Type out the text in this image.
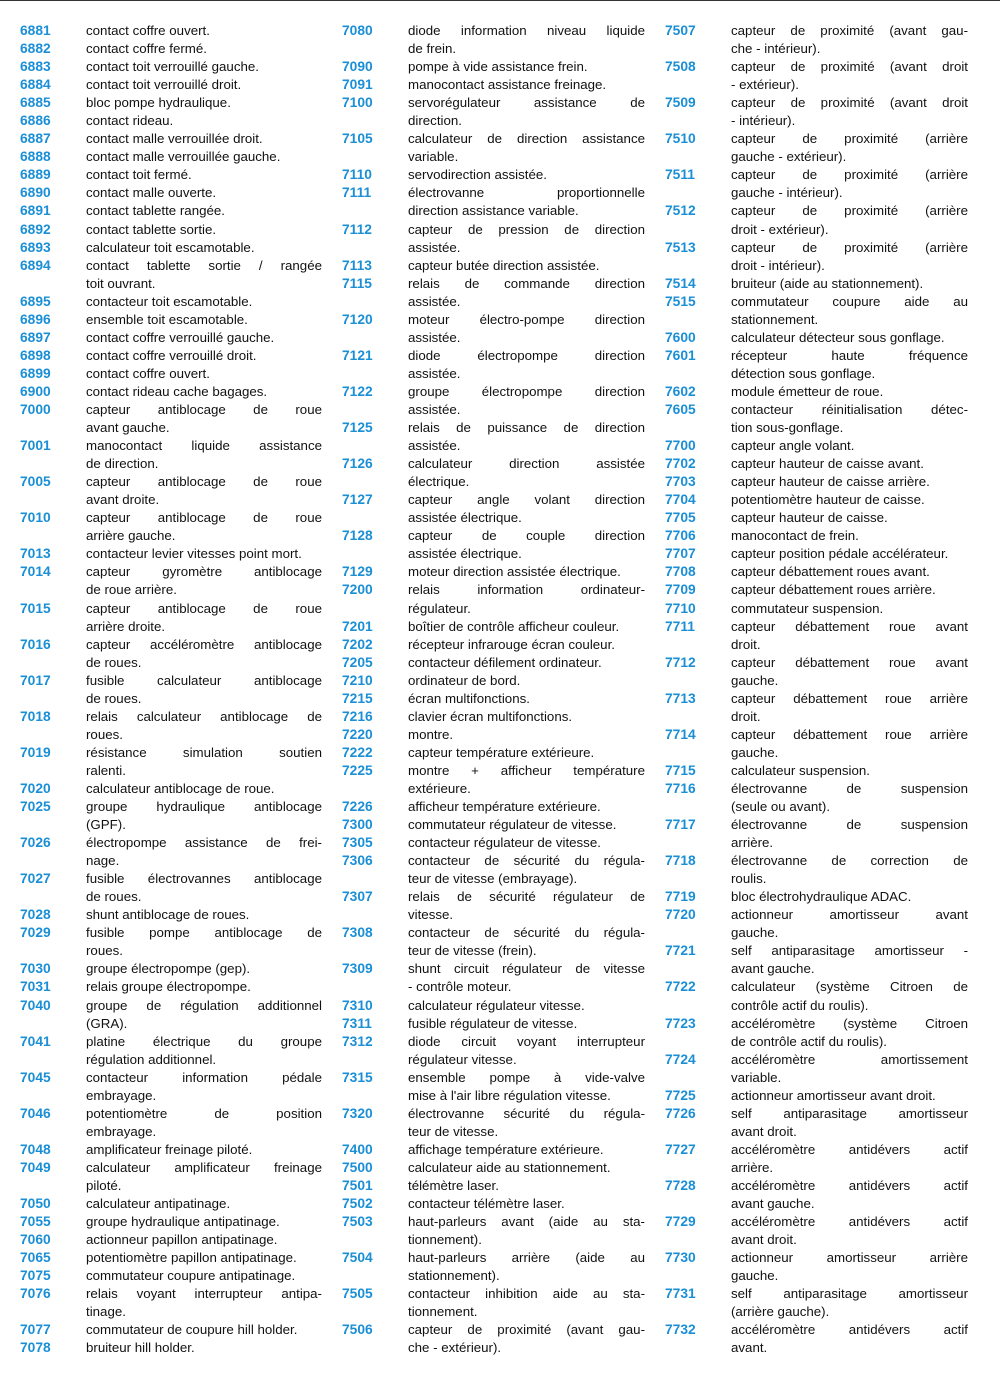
6881	contact coffre ouvert.
6882	contact coffre fermé.
6883	contact toit verrouillé gauche.
6884	contact toit verrouillé droit.
6885	bloc pompe hydraulique.
6886	contact rideau.
6887	contact malle verrouillée droit.
6888	contact malle verrouillée gauche.
6889	contact toit fermé.
6890	contact malle ouverte.
6891	contact tablette rangée.
6892	contact tablette sortie.
6893	calculateur toit escamotable.
6894	contact tablette sortie / rangée
toit ouvrant.
6895	contacteur toit escamotable.
6896	ensemble toit escamotable.
6897	contact coffre verrouillé gauche.
6898	contact coffre verrouillé droit.
6899	contact coffre ouvert.
6900	contact rideau cache bagages.
7000	capteur antiblocage de roue
avant gauche.
7001	manocontact liquide assistance
de direction.
7005	capteur antiblocage de roue
avant droite.
7010	capteur antiblocage de roue
arrière gauche.
7013	contacteur levier vitesses point mort.
7014	capteur gyromètre antiblocage
de roue arrière.
7015	capteur antiblocage de roue
arrière droite.
7016	capteur accéléromètre antiblocage
de roues.
7017	fusible calculateur antiblocage
de roues.
7018	relais calculateur antiblocage de
roues.
7019	résistance simulation soutien
ralenti.
7020	calculateur antiblocage de roue.
7025	groupe hydraulique antiblocage
(GPF).
7026	électropompe assistance de frei-
nage.
7027	fusible électrovannes antiblocage
de roues.
7028	shunt antiblocage de roues.
7029	fusible pompe antiblocage de
roues.
7030	groupe électropompe (gep).
7031	relais groupe électropompe.
7040	groupe de régulation additionnel
(GRA).
7041	platine électrique du groupe
régulation additionnel.
7045	contacteur information pédale
embrayage.
7046	potentiomètre de position
embrayage.
7048	amplificateur freinage piloté.
7049	calculateur amplificateur freinage
piloté.
7050	calculateur antipatinage.
7055	groupe hydraulique antipatinage.
7060	actionneur papillon antipatinage.
7065	potentiomètre papillon antipatinage.
7075	commutateur coupure antipatinage.
7076	relais voyant interrupteur antipa-
tinage.
7077	commutateur de coupure hill holder.
7078	bruiteur hill holder.
7080	diode information niveau liquide
de frein.
7090	pompe à vide assistance frein.
7091	manocontact assistance freinage.
7100	servorégulateur assistance de
direction.
7105	calculateur de direction assistance
variable.
7110	servodirection assistée.
7111	électrovanne proportionnelle
direction assistance variable.
7112	capteur de pression de direction
assistée.
7113	capteur butée direction assistée.
7115	relais de commande direction
assistée.
7120	moteur électro-pompe direction
assistée.
7121	diode électropompe direction
assistée.
7122	groupe électropompe direction
assistée.
7125	relais de puissance de direction
assistée.
7126	calculateur direction assistée
électrique.
7127	capteur angle volant direction
assistée électrique.
7128	capteur de couple direction
assistée électrique.
7129	moteur direction assistée électrique.
7200	relais information ordinateur-
régulateur.
7201	boîtier de contrôle afficheur couleur.
7202	récepteur infrarouge écran couleur.
7205	contacteur défilement ordinateur.
7210	ordinateur de bord.
7215	écran multifonctions.
7216	clavier écran multifonctions.
7220	montre.
7222	capteur température extérieure.
7225	montre + afficheur température
extérieure.
7226	afficheur température extérieure.
7300	commutateur régulateur de vitesse.
7305	contacteur régulateur de vitesse.
7306	contacteur de sécurité du régula-
teur de vitesse (embrayage).
7307	relais de sécurité régulateur de
vitesse.
7308	contacteur de sécurité du régula-
teur de vitesse (frein).
7309	shunt circuit régulateur de vitesse
- contrôle moteur.
7310	calculateur régulateur vitesse.
7311	fusible régulateur de vitesse.
7312	diode circuit voyant interrupteur
régulateur vitesse.
7315	ensemble pompe à vide-valve
mise à l'air libre régulation vitesse.
7320	électrovanne sécurité du régula-
teur de vitesse.
7400	affichage température extérieure.
7500	calculateur aide au stationnement.
7501	télémètre laser.
7502	contacteur télémètre laser.
7503	haut-parleurs avant (aide au sta-
tionnement).
7504	haut-parleurs arrière (aide au
stationnement).
7505	contacteur inhibition aide au sta-
tionnement.
7506	capteur de proximité (avant gau-
che - extérieur).
7507	capteur de proximité (avant gau-
che - intérieur).
7508	capteur de proximité (avant droit
- extérieur).
7509	capteur de proximité (avant droit
- intérieur).
7510	capteur de proximité (arrière
gauche - extérieur).
7511	capteur de proximité (arrière
gauche - intérieur).
7512	capteur de proximité (arrière
droit - extérieur).
7513	capteur de proximité (arrière
droit - intérieur).
7514	bruiteur (aide au stationnement).
7515	commutateur coupure aide au
stationnement.
7600	calculateur détecteur sous gonflage.
7601	récepteur haute fréquence
détection sous gonflage.
7602	module émetteur de roue.
7605	contacteur réinitialisation détec-
tion sous-gonflage.
7700	capteur angle volant.
7702	capteur hauteur de caisse avant.
7703	capteur hauteur de caisse arrière.
7704	potentiomètre hauteur de caisse.
7705	capteur hauteur de caisse.
7706	manocontact de frein.
7707	capteur position pédale accélérateur.
7708	capteur débattement roues avant.
7709	capteur débattement roues arrière.
7710	commutateur suspension.
7711	capteur débattement roue avant
droit.
7712	capteur débattement roue avant
gauche.
7713	capteur débattement roue arrière
droit.
7714	capteur débattement roue arrière
gauche.
7715	calculateur suspension.
7716	électrovanne de suspension
(seule ou avant).
7717	électrovanne de suspension
arrière.
7718	électrovanne de correction de
roulis.
7719	bloc électrohydraulique ADAC.
7720	actionneur amortisseur avant
gauche.
7721	self antiparasitage amortisseur -
avant gauche.
7722	calculateur (système Citroen de
contrôle actif du roulis).
7723	accéléromètre (système Citroen
de contrôle actif du roulis).
7724	accéléromètre amortissement
variable.
7725	actionneur amortisseur avant droit.
7726	self antiparasitage amortisseur
avant droit.
7727	accéléromètre antidévers actif
arrière.
7728	accéléromètre antidévers actif
avant gauche.
7729	accéléromètre antidévers actif
avant droit.
7730	actionneur amortisseur arrière
gauche.
7731	self antiparasitage amortisseur
(arrière gauche).
7732	accéléromètre antidévers actif
avant.
